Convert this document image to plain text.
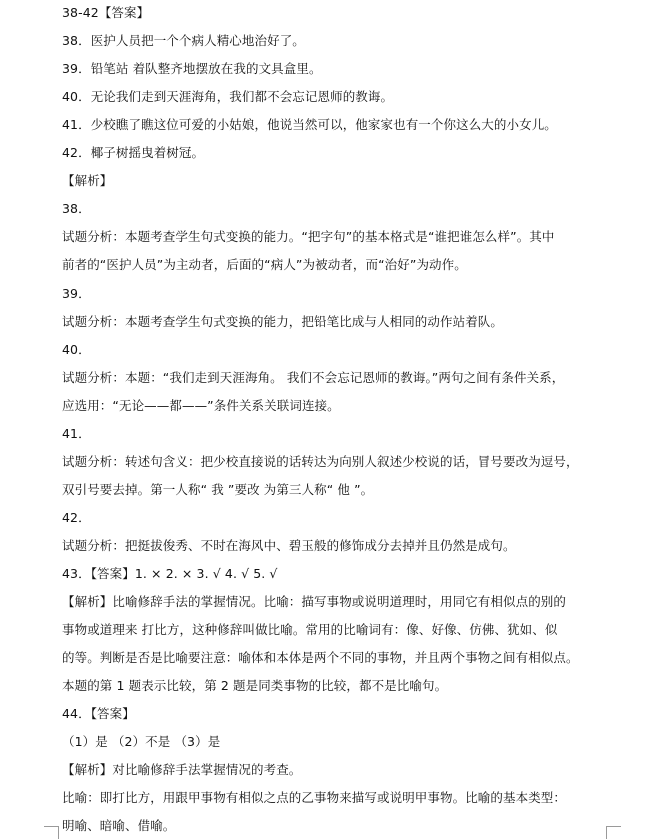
38-42【答案】
38．医护人员把一个个病人精心地治好了。
39．铅笔站 着队整齐地摆放在我的文具盒里。
40．无论我们走到天涯海角，我们都不会忘记恩师的教诲。
41．少校瞧了瞧这位可爱的小姑娘，他说当然可以，他家家也有一个你这么大的小女儿。
42．椰子树摇曳着树冠。
【解析】
38．
试题分析：本题考查学生句式变换的能力。“把字句”的基本格式是“谁把谁怎么样”。其中
前者的“医护人员”为主动者，后面的“病人”为被动者，而“治好”为动作。
39．
试题分析：本题考查学生句式变换的能力，把铅笔比成与人相同的动作站着队。
40．
试题分析：本题：“我们走到天涯海角。 我们不会忘记恩师的教诲。”两句之间有条件关系，
应选用：“无论——都——”条件关系关联词连接。
41．
试题分析：转述句含义：把少校直接说的话转达为向别人叙述少校说的话，冒号要改为逗号，
双引号要去掉。第一人称“ 我 ”要改 为第三人称“ 他 ”。
42．
试题分析：把挺拔俊秀、不时在海风中、碧玉般的修饰成分去掉并且仍然是成句。
43．【答案】1. × 2. × 3. √ 4. √ 5. √
【解析】比喻修辞手法的掌握情况。比喻：描写事物或说明道理时，用同它有相似点的别的
事物或道理来 打比方，这种修辞叫做比喻。常用的比喻词有：像、好像、仿佛、犹如、似
的等。判断是否是比喻要注意：喻体和本体是两个不同的事物，并且两个事物之间有相似点。
本题的第 1 题表示比较，第 2 题是同类事物的比较，都不是比喻句。
44．【答案】
（1）是 （2）不是 （3）是
【解析】对比喻修辞手法掌握情况的考查。
比喻：即打比方，用跟甲事物有相似之点的乙事物来描写或说明甲事物。比喻的基本类型：
明喻、暗喻、借喻。
